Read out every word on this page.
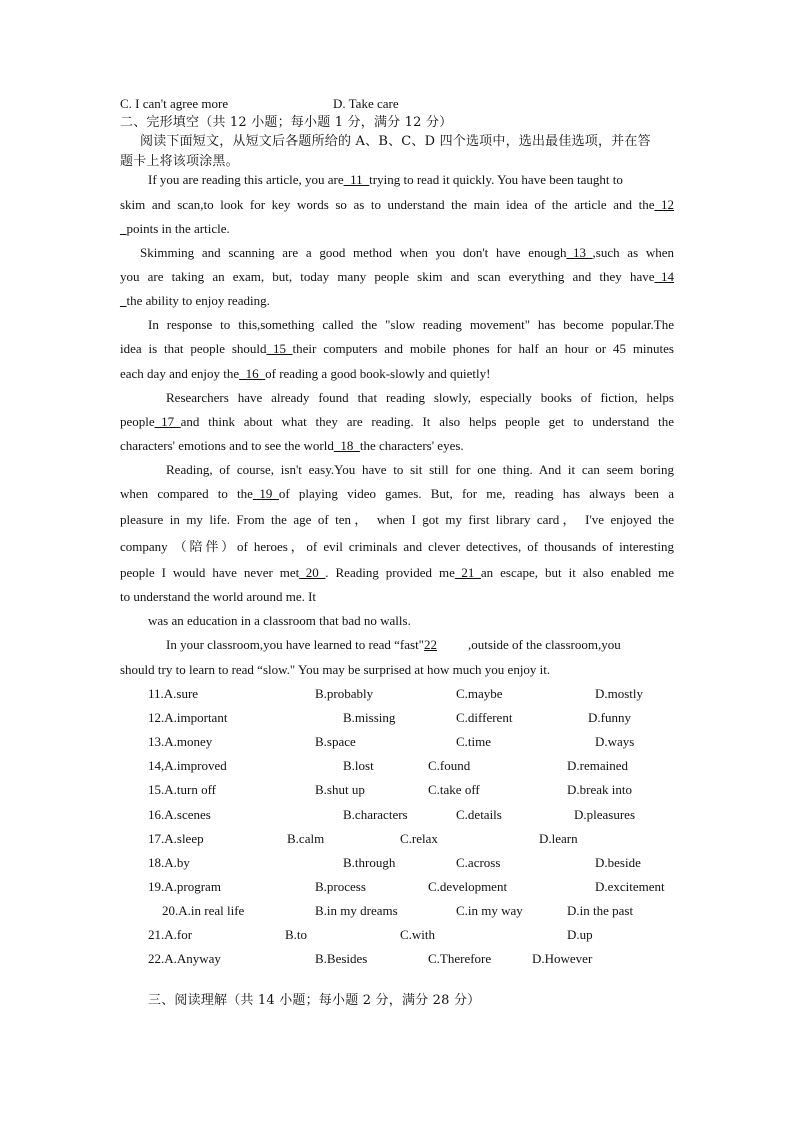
C. I can't agree more	D. Take care
二、完形填空（共 12 小题；每小题 1 分，满分 12 分）
阅读下面短文，从短文后各题所给的 A、B、C、D 四个选项中，选出最佳选项，并在答
题卡上将该项涂黑。
If you are reading this article, you are_11_trying to read it quickly. You have been taught to
skim and scan,to look for key words so as to understand the main idea of the article and the_12
_points in the article.
Skimming and scanning are a good method when you don't have enough_13_,such as when
you are taking an exam, but, today many people skim and scan everything and they have_14
_the ability to enjoy reading.
In response to this,something called the "slow reading movement" has become popular.The
idea is that people should_15_their computers and mobile phones for half an hour or 45 minutes
each day and enjoy the_16_of reading a good book-slowly and quietly!
Researchers have already found that reading slowly, especially books of fiction, helps
people_17_and think about what they are reading. It also helps people get to understand the
characters' emotions and to see the world_18_the characters' eyes.
Reading, of course, isn't easy.You have to sit still for one thing. And it can seem boring
when compared to the_19_of playing video games. But, for me, reading has always been a
pleasure in my life. From the age of ten， when I got my first library card， I've enjoyed the
company （陪伴）of heroes，of evil criminals and clever detectives, of thousands of interesting
people I would have never met_20_. Reading provided me_21_an escape, but it also enabled me
to understand the world around me. It
was an education in a classroom that bad no walls.
In your classroom,you have learned to read “fast"22 ,outside of the classroom,you
should try to learn to read “slow." You may be surprised at how much you enjoy it.
11.A.sure	B.probably	C.maybe	D.mostly
12.A.important	B.missing	C.different	D.funny
13.A.money	B.space	C.time	D.ways
14,A.improved	B.lost	C.found	D.remained
15.A.turn off	B.shut up	C.take off	D.break into
16.A.scenes	B.characters	C.details	D.pleasures
17.A.sleep	B.calm	C.relax	D.learn
18.A.by	B.through	C.across	D.beside
19.A.program	B.process	C.development	D.excitement
20.A.in real life	B.in my dreams	C.in my way	D.in the past
21.A.for	B.to	C.with	D.up
22.A.Anyway	B.Besides	C.Therefore	D.However
三、阅读理解（共 14 小题；每小题 2 分，满分 28 分）
